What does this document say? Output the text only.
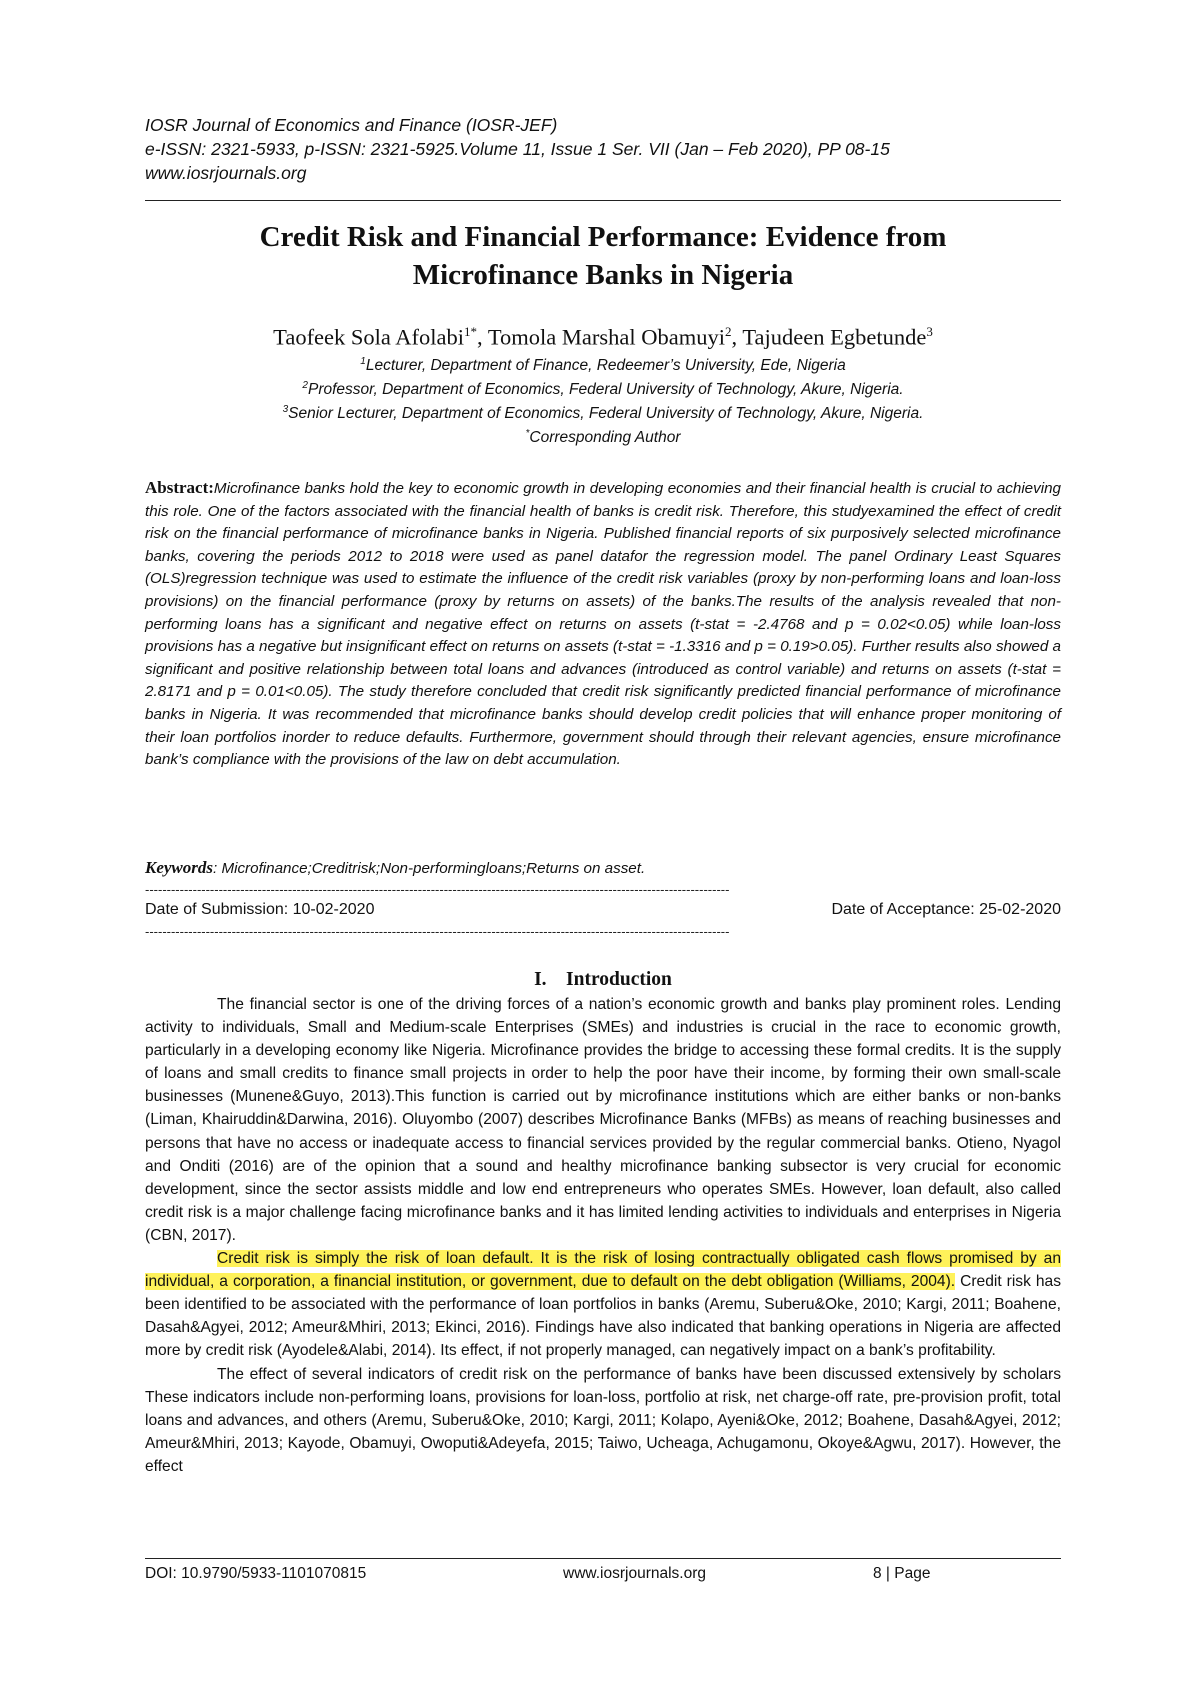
IOSR Journal of Economics and Finance (IOSR-JEF)
e-ISSN: 2321-5933, p-ISSN: 2321-5925.Volume 11, Issue 1 Ser. VII (Jan – Feb 2020), PP 08-15
www.iosrjournals.org
Credit Risk and Financial Performance: Evidence from
Microfinance Banks in Nigeria
Taofeek Sola Afolabi$^{1*}$, Tomola Marshal Obamuyi$^2$, Tajudeen Egbetunde$^3$
$^1$Lecturer, Department of Finance, Redeemer’s University, Ede, Nigeria
$^2$Professor, Department of Economics, Federal University of Technology, Akure, Nigeria.
$^3$Senior Lecturer, Department of Economics, Federal University of Technology, Akure, Nigeria.
*Corresponding Author
Abstract:Microfinance banks hold the key to economic growth in developing economies and their financial health is crucial to achieving this role. One of the factors associated with the financial health of banks is credit risk. Therefore, this studyexamined the effect of credit risk on the financial performance of microfinance banks in Nigeria. Published financial reports of six purposively selected microfinance banks, covering the periods 2012 to 2018 were used as panel datafor the regression model. The panel Ordinary Least Squares (OLS)regression technique was used to estimate the influence of the credit risk variables (proxy by non-performing loans and loan-loss provisions) on the financial performance (proxy by returns on assets) of the banks.The results of the analysis revealed that non-performing loans has a significant and negative effect on returns on assets (t-stat = -2.4768 and p = 0.02<0.05) while loan-loss provisions has a negative but insignificant effect on returns on assets (t-stat = -1.3316 and p = 0.19>0.05). Further results also showed a significant and positive relationship between total loans and advances (introduced as control variable) and returns on assets (t-stat = 2.8171 and p = 0.01<0.05). The study therefore concluded that credit risk significantly predicted financial performance of microfinance banks in Nigeria. It was recommended that microfinance banks should develop credit policies that will enhance proper monitoring of their loan portfolios inorder to reduce defaults. Furthermore, government should through their relevant agencies, ensure microfinance bank’s compliance with the provisions of the law on debt accumulation.
Keywords: Microfinance;Creditrisk;Non-performingloans;Returns on asset.
---------------------------------------------------------------------------------------------------------------------------------------
Date of Submission: 10-02-2020	Date of Acceptance: 25-02-2020
---------------------------------------------------------------------------------------------------------------------------------------
I.    Introduction

The financial sector is one of the driving forces of a nation’s economic growth and banks play prominent roles. Lending activity to individuals, Small and Medium-scale Enterprises (SMEs) and industries is crucial in the race to economic growth, particularly in a developing economy like Nigeria. Microfinance provides the bridge to accessing these formal credits. It is the supply of loans and small credits to finance small projects in order to help the poor have their income, by forming their own small-scale businesses (Munene&Guyo, 2013).This function is carried out by microfinance institutions which are either banks or non-banks (Liman, Khairuddin&Darwina, 2016). Oluyombo (2007) describes Microfinance Banks (MFBs) as means of reaching businesses and persons that have no access or inadequate access to financial services provided by the regular commercial banks. Otieno, Nyagol and Onditi (2016) are of the opinion that a sound and healthy microfinance banking subsector is very crucial for economic development, since the sector assists middle and low end entrepreneurs who operates SMEs. However, loan default, also called credit risk is a major challenge facing microfinance banks and it has limited lending activities to individuals and enterprises in Nigeria (CBN, 2017).

Credit risk is simply the risk of loan default. It is the risk of losing contractually obligated cash flows promised by an individual, a corporation, a financial institution, or government, due to default on the debt obligation (Williams, 2004). Credit risk has been identified to be associated with the performance of loan portfolios in banks (Aremu, Suberu&Oke, 2010; Kargi, 2011; Boahene, Dasah&Agyei, 2012; Ameur&Mhiri, 2013; Ekinci, 2016). Findings have also indicated that banking operations in Nigeria are affected more by credit risk (Ayodele&Alabi, 2014). Its effect, if not properly managed, can negatively impact on a bank’s profitability.

The effect of several indicators of credit risk on the performance of banks have been discussed extensively by scholars These indicators include non-performing loans, provisions for loan-loss, portfolio at risk, net charge-off rate, pre-provision profit, total loans and advances, and others (Aremu, Suberu&Oke, 2010; Kargi, 2011; Kolapo, Ayeni&Oke, 2012; Boahene, Dasah&Agyei, 2012; Ameur&Mhiri, 2013; Kayode, Obamuyi, Owoputi&Adeyefa, 2015; Taiwo, Ucheaga, Achugamonu, Okoye&Agwu, 2017). However, the effect

DOI: 10.9790/5933-1101070815	www.iosrjournals.org	8 | Page
